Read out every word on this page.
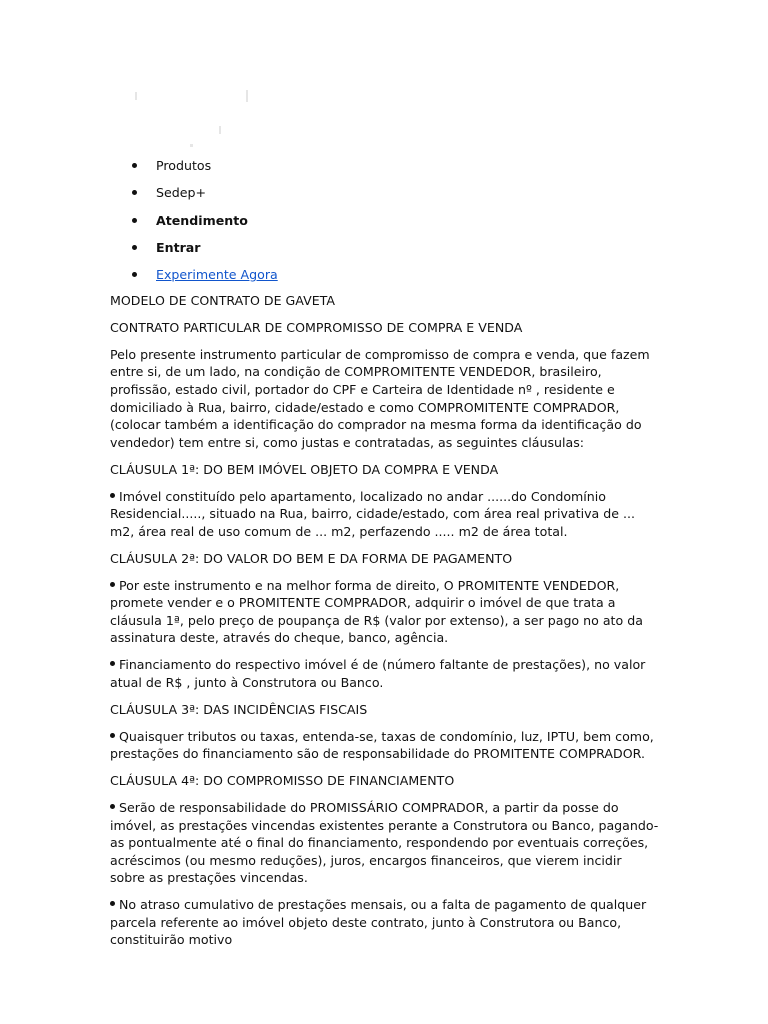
Produtos
Sedep+
Atendimento
Entrar
Experimente Agora

MODELO DE CONTRATO DE GAVETA

CONTRATO PARTICULAR DE COMPROMISSO DE COMPRA E VENDA

Pelo presente instrumento particular de compromisso de compra e venda, que fazem entre si, de um lado, na condição de COMPROMITENTE VENDEDOR, brasileiro, profissão, estado civil, portador do CPF e Carteira de Identidade nº , residente e domiciliado à Rua, bairro, cidade/estado e como COMPROMITENTE COMPRADOR, (colocar também a identificação do comprador na mesma forma da identificação do vendedor) tem entre si, como justas e contratadas, as seguintes cláusulas:

CLÁUSULA 1ª: DO BEM IMÓVEL OBJETO DA COMPRA E VENDA

Imóvel constituído pelo apartamento, localizado no andar ......do Condomínio Residencial....., situado na Rua, bairro, cidade/estado, com área real privativa de ... m2, área real de uso comum de ... m2, perfazendo ..... m2 de área total.

CLÁUSULA 2ª: DO VALOR DO BEM E DA FORMA DE PAGAMENTO

Por este instrumento e na melhor forma de direito, O PROMITENTE VENDEDOR, promete vender e o PROMITENTE COMPRADOR, adquirir o imóvel de que trata a cláusula 1ª, pelo preço de poupança de R$ (valor por extenso), a ser pago no ato da assinatura deste, através do cheque, banco, agência.

Financiamento do respectivo imóvel é de (número faltante de prestações), no valor atual de R$ , junto à Construtora ou Banco.

CLÁUSULA 3ª: DAS INCIDÊNCIAS FISCAIS

Quaisquer tributos ou taxas, entenda-se, taxas de condomínio, luz, IPTU, bem como, prestações do financiamento são de responsabilidade do PROMITENTE COMPRADOR.

CLÁUSULA 4ª: DO COMPROMISSO DE FINANCIAMENTO

Serão de responsabilidade do PROMISSÁRIO COMPRADOR, a partir da posse do imóvel, as prestações vincendas existentes perante a Construtora ou Banco, pagando-as pontualmente até o final do financiamento, respondendo por eventuais correções, acréscimos (ou mesmo reduções), juros, encargos financeiros, que vierem incidir sobre as prestações vincendas.

No atraso cumulativo de prestações mensais, ou a falta de pagamento de qualquer parcela referente ao imóvel objeto deste contrato, junto à Construtora ou Banco, constituirão motivo
